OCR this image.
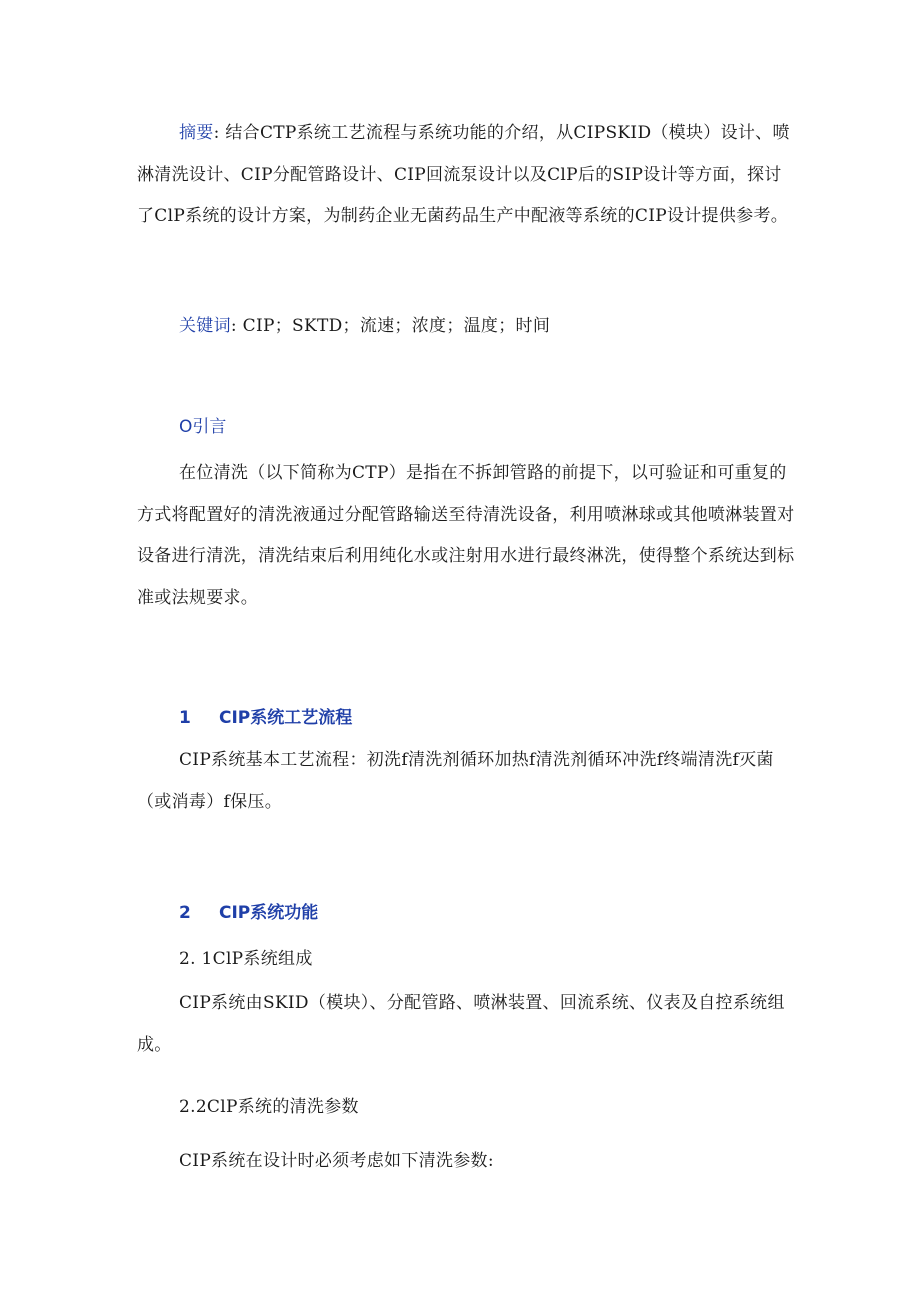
摘要: 结合CTP系统工艺流程与系统功能的介绍，从CIPSKID（模块）设计、喷淋清洗设计、CIP分配管路设计、CIP回流泵设计以及ClP后的SIP设计等方面，探讨了ClP系统的设计方案，为制药企业无菌药品生产中配液等系统的CIP设计提供参考。

关键词: CIP；SKTD；流速；浓度；温度；时间

O引言

在位清洗（以下简称为CTP）是指在不拆卸管路的前提下，以可验证和可重复的方式将配置好的清洗液通过分配管路输送至待清洗设备，利用喷淋球或其他喷淋装置对设备进行清洗，清洗结束后利用纯化水或注射用水进行最终淋洗，使得整个系统达到标准或法规要求。

1 CIP系统工艺流程

CIP系统基本工艺流程：初洗f清洗剂循环加热f清洗剂循环冲洗f终端清洗f灭菌（或消毒）f保压。

2 CIP系统功能

2. 1ClP系统组成

CIP系统由SKID（模块）、分配管路、喷淋装置、回流系统、仪表及自控系统组成。

2.2ClP系统的清洗参数

CIP系统在设计时必须考虑如下清洗参数:
